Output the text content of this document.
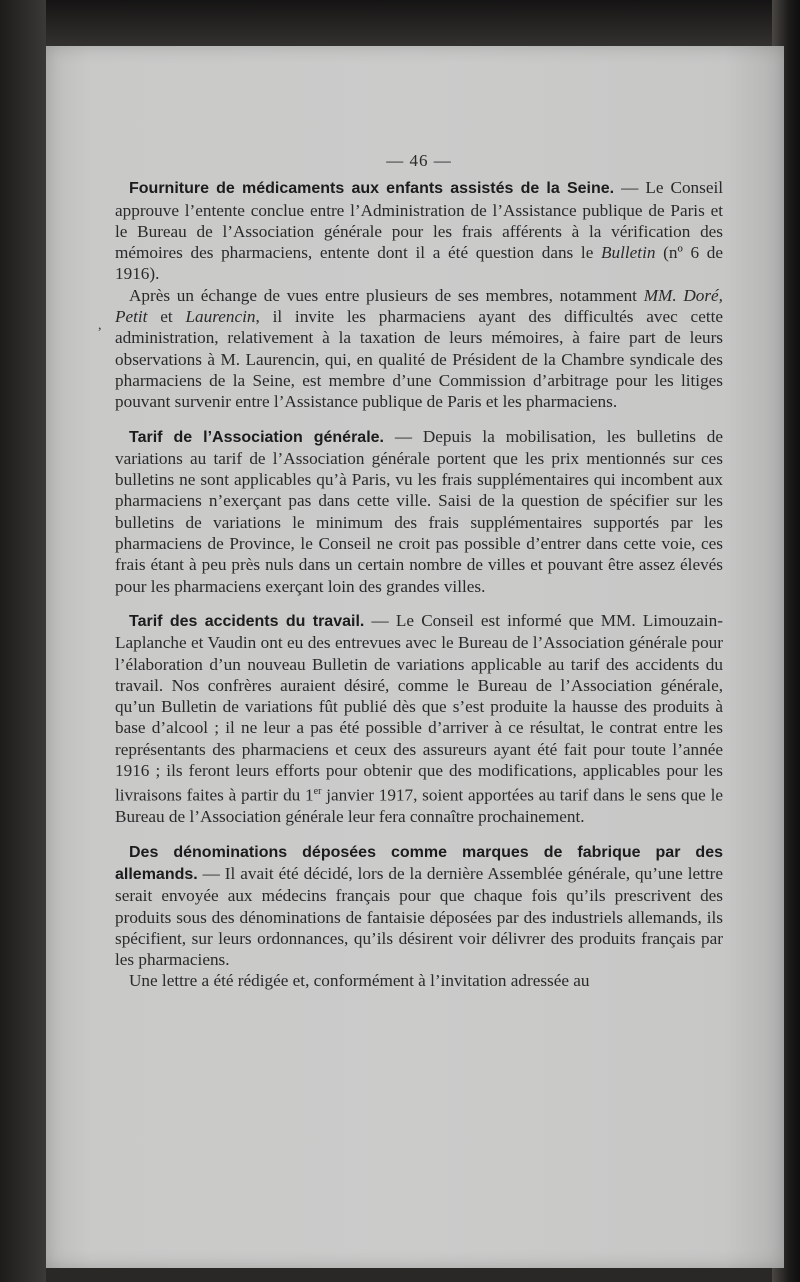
,
— 46 —

Fourniture de médicaments aux enfants assistés de la Seine. — Le Conseil approuve l’entente conclue entre l’Administration de l’Assistance publique de Paris et le Bureau de l’Association générale pour les frais afférents à la vérification des mémoires des pharmaciens, entente dont il a été question dans le Bulletin (nº 6 de 1916).

Après un échange de vues entre plusieurs de ses membres, notamment MM. Doré, Petit et Laurencin, il invite les pharmaciens ayant des difficultés avec cette administration, relativement à la taxation de leurs mémoires, à faire part de leurs observations à M. Laurencin, qui, en qualité de Président de la Chambre syndicale des pharmaciens de la Seine, est membre d’une Commission d’arbitrage pour les litiges pouvant survenir entre l’Assistance publique de Paris et les pharmaciens.

Tarif de l’Association générale. — Depuis la mobilisation, les bulletins de variations au tarif de l’Association générale portent que les prix mentionnés sur ces bulletins ne sont applicables qu’à Paris, vu les frais supplémentaires qui incombent aux pharmaciens n’exerçant pas dans cette ville. Saisi de la question de spécifier sur les bulletins de variations le minimum des frais supplémentaires supportés par les pharmaciens de Province, le Conseil ne croit pas possible d’entrer dans cette voie, ces frais étant à peu près nuls dans un certain nombre de villes et pouvant être assez élevés pour les pharmaciens exerçant loin des grandes villes.

Tarif des accidents du travail. — Le Conseil est informé que MM. Limouzain-Laplanche et Vaudin ont eu des entrevues avec le Bureau de l’Association générale pour l’élaboration d’un nouveau Bulletin de variations applicable au tarif des accidents du travail. Nos confrères auraient désiré, comme le Bureau de l’Association générale, qu’un Bulletin de variations fût publié dès que s’est produite la hausse des produits à base d’alcool ; il ne leur a pas été possible d’arriver à ce résultat, le contrat entre les représentants des pharmaciens et ceux des assureurs ayant été fait pour toute l’année 1916 ; ils feront leurs efforts pour obtenir que des modifications, applicables pour les livraisons faites à partir du 1er janvier 1917, soient apportées au tarif dans le sens que le Bureau de l’Association générale leur fera connaître prochainement.

Des dénominations déposées comme marques de fabrique par des allemands. — Il avait été décidé, lors de la dernière Assemblée générale, qu’une lettre serait envoyée aux médecins français pour que chaque fois qu’ils prescrivent des produits sous des dénominations de fantaisie déposées par des industriels allemands, ils spécifient, sur leurs ordonnances, qu’ils désirent voir délivrer des produits français par les pharmaciens.

Une lettre a été rédigée et, conformément à l’invitation adressée au
